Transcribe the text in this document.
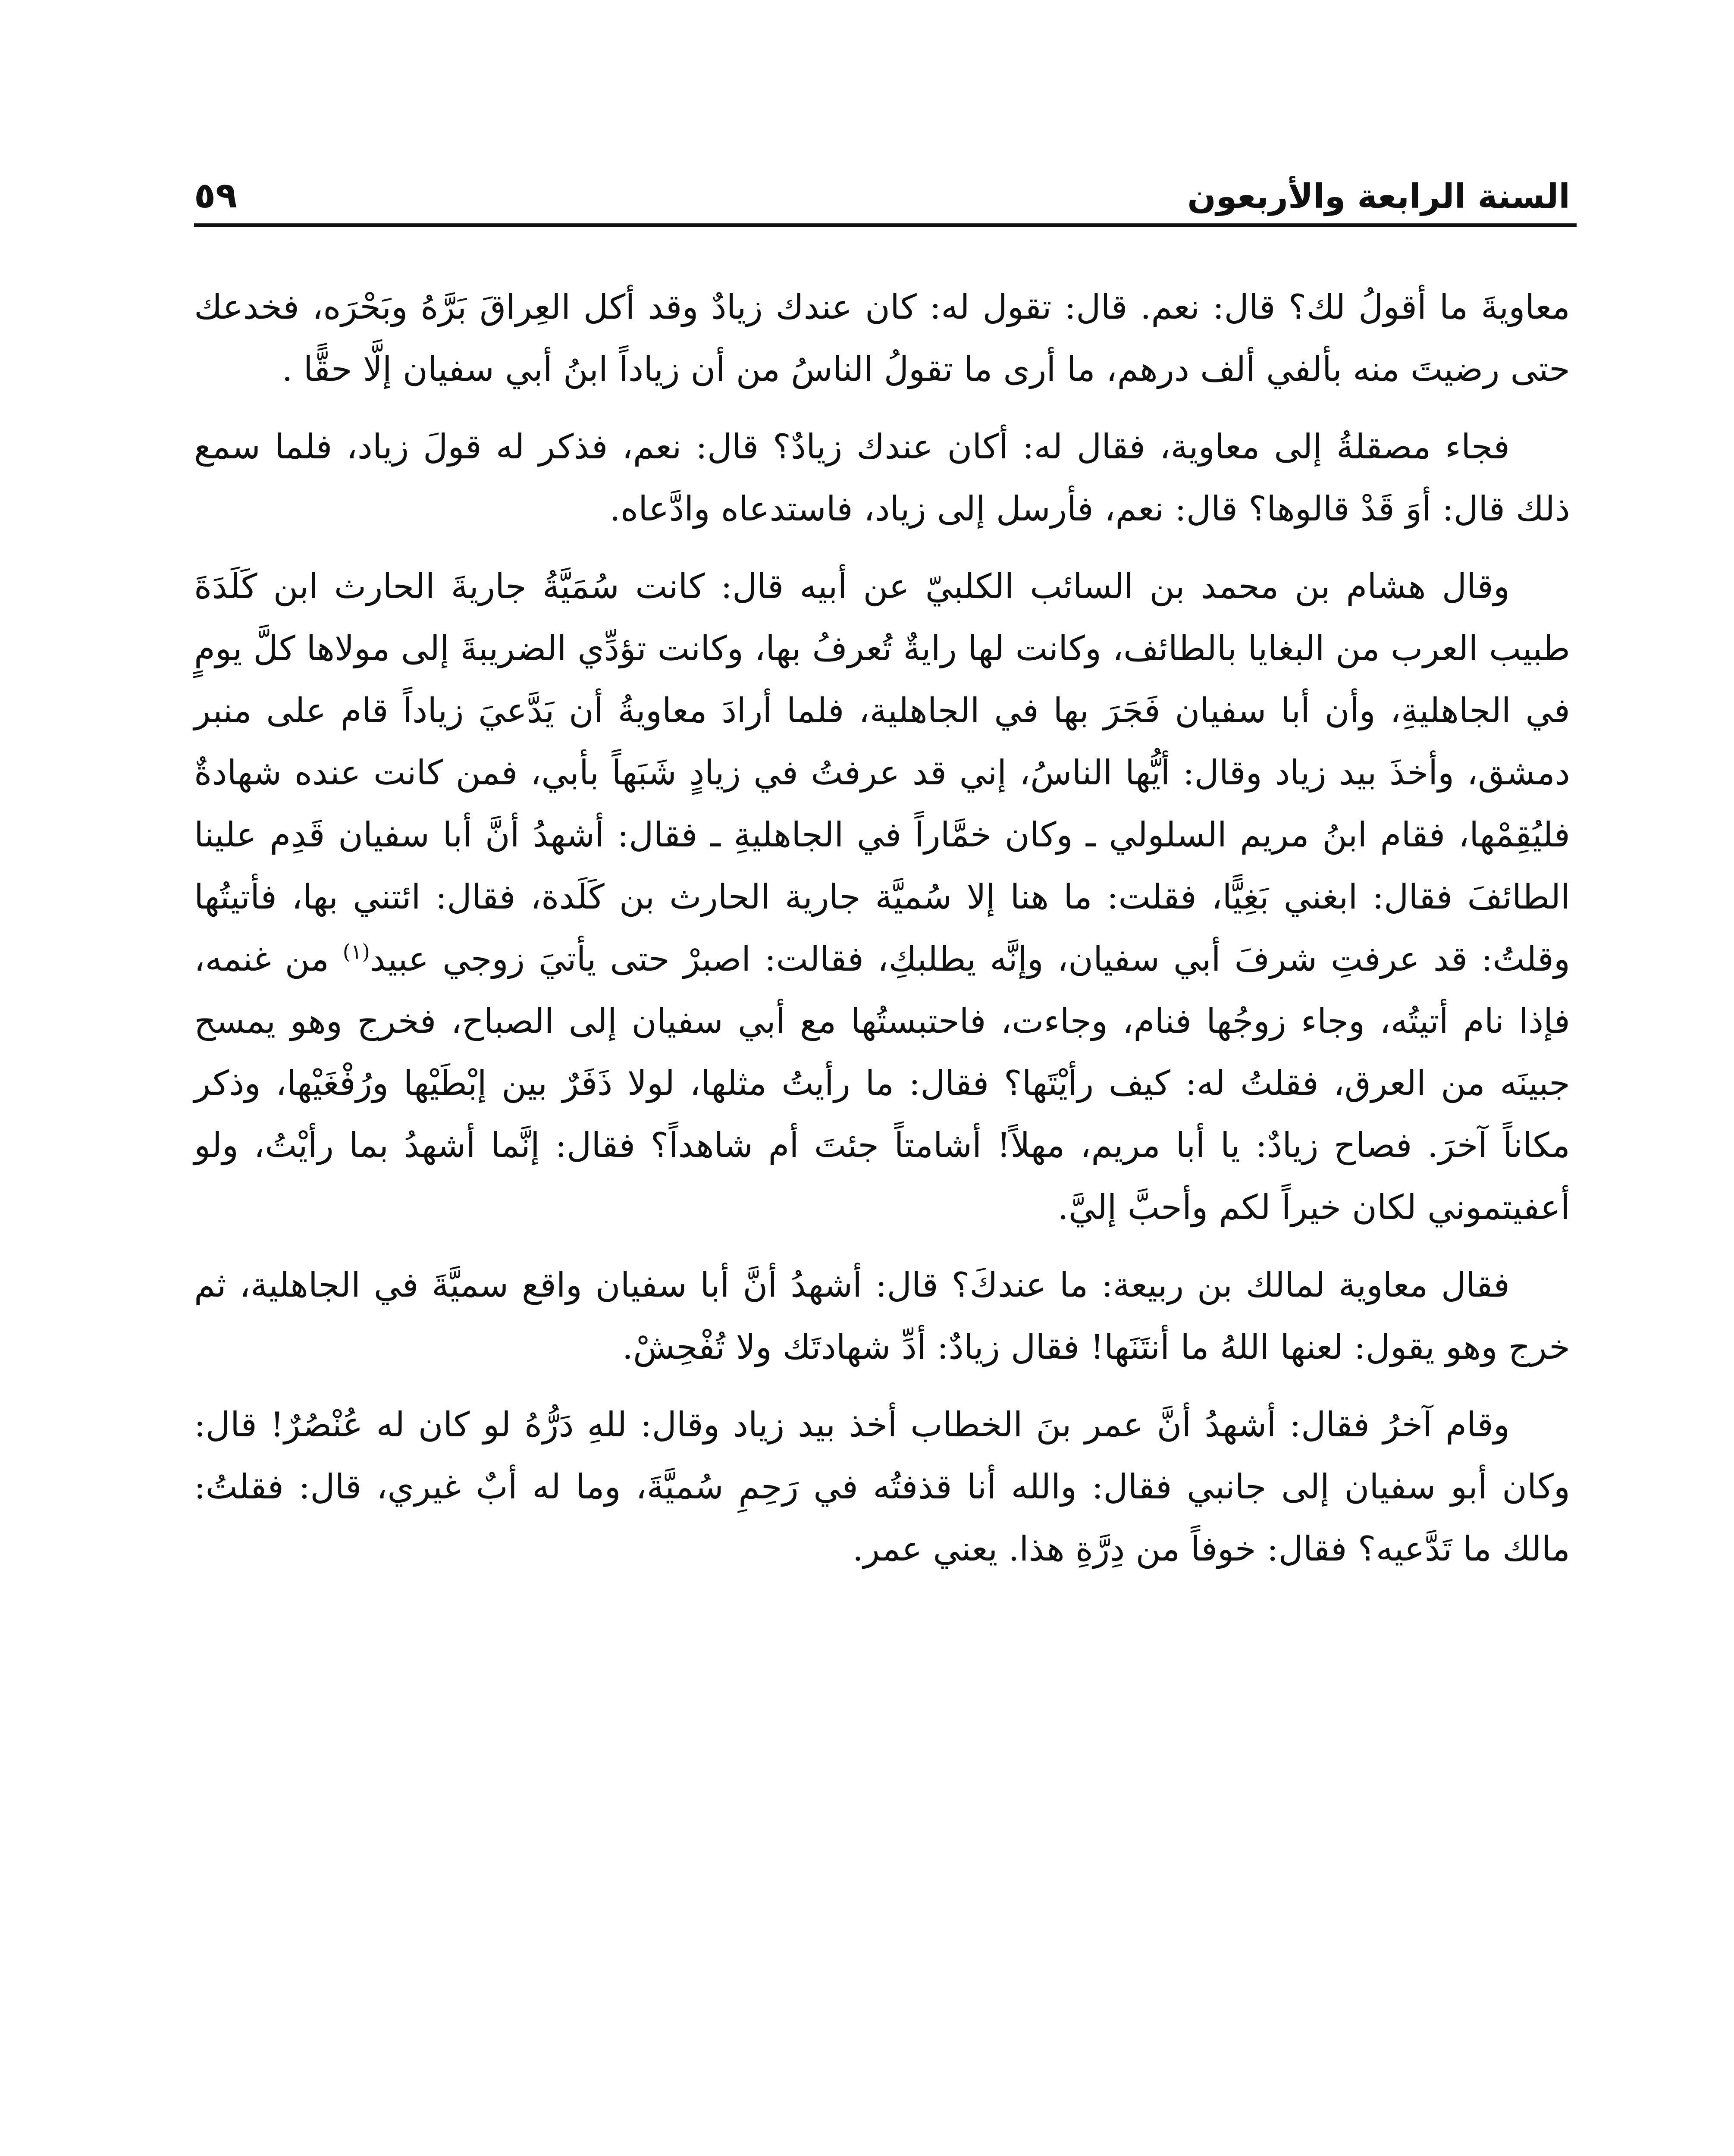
السنة الرابعة والأربعون
٥٩

معاويةَ ما أقولُ لك؟ قال: نعم. قال: تقول له: كان عندك زيادٌ وقد أكل العِراقَ بَرَّهُ وبَحْرَه، فخدعك حتى رضيتَ منه بألفي ألف درهم، ما أرى ما تقولُ الناسُ من أن زياداً ابنُ أبي سفيان إلَّا حقًّا .

فجاء مصقلةُ إلى معاوية، فقال له: أكان عندك زيادٌ؟ قال: نعم، فذكر له قولَ زياد، فلما سمع ذلك قال: أوَ قَدْ قالوها؟ قال: نعم، فأرسل إلى زياد، فاستدعاه وادَّعاه.

وقال هشام بن محمد بن السائب الكلبيّ عن أبيه قال: كانت سُمَيَّةُ جاريةَ الحارث ابن كَلَدَةَ طبيب العرب من البغايا بالطائف، وكانت لها رايةٌ تُعرفُ بها، وكانت تؤدِّي الضريبةَ إلى مولاها كلَّ يومٍ في الجاهليةِ، وأن أبا سفيان فَجَرَ بها في الجاهلية، فلما أرادَ معاويةُ أن يَدَّعيَ زياداً قام على منبر دمشق، وأخذَ بيد زياد وقال: أيُّها الناسُ، إني قد عرفتُ في زيادٍ شَبَهاً بأبي، فمن كانت عنده شهادةٌ فليُقِمْها، فقام ابنُ مريم السلولي ـ وكان خمَّاراً في الجاهليةِ ـ فقال: أشهدُ أنَّ أبا سفيان قَدِم علينا الطائفَ فقال: ابغني بَغِيًّا، فقلت: ما هنا إلا سُميَّة جارية الحارث بن كَلَدة، فقال: ائتني بها، فأتيتُها وقلتُ: قد عرفتِ شرفَ أبي سفيان، وإنَّه يطلبكِ، فقالت: اصبرْ حتى يأتيَ زوجي عبيد$^{(١)}$ من غنمه، فإذا نام أتيتُه، وجاء زوجُها فنام، وجاءت، فاحتبستُها مع أبي سفيان إلى الصباح، فخرج وهو يمسح جبينَه من العرق، فقلتُ له: كيف رأيْتَها؟ فقال: ما رأيتُ مثلها، لولا ذَفَرٌ بين إبْطَيْها ورُفْغَيْها، وذكر مكاناً آخرَ. فصاح زيادٌ: يا أبا مريم، مهلاً! أشامتاً جئتَ أم شاهداً؟ فقال: إنَّما أشهدُ بما رأيْتُ، ولو أعفيتموني لكان خيراً لكم وأحبَّ إليَّ.

فقال معاوية لمالك بن ربيعة: ما عندكَ؟ قال: أشهدُ أنَّ أبا سفيان واقع سميَّةَ في الجاهلية، ثم خرج وهو يقول: لعنها اللهُ ما أنتَنَها! فقال زيادٌ: أدِّ شهادتَك ولا تُفْحِشْ.

وقام آخرُ فقال: أشهدُ أنَّ عمر بنَ الخطاب أخذ بيد زياد وقال: للهِ دَرُّهُ لو كان له عُنْصُرٌ! قال: وكان أبو سفيان إلى جانبي فقال: والله أنا قذفتُه في رَحِمِ سُميَّةَ، وما له أبٌ غيري، قال: فقلتُ: مالك ما تَدَّعيه؟ فقال: خوفاً من دِرَّةِ هذا. يعني عمر.
